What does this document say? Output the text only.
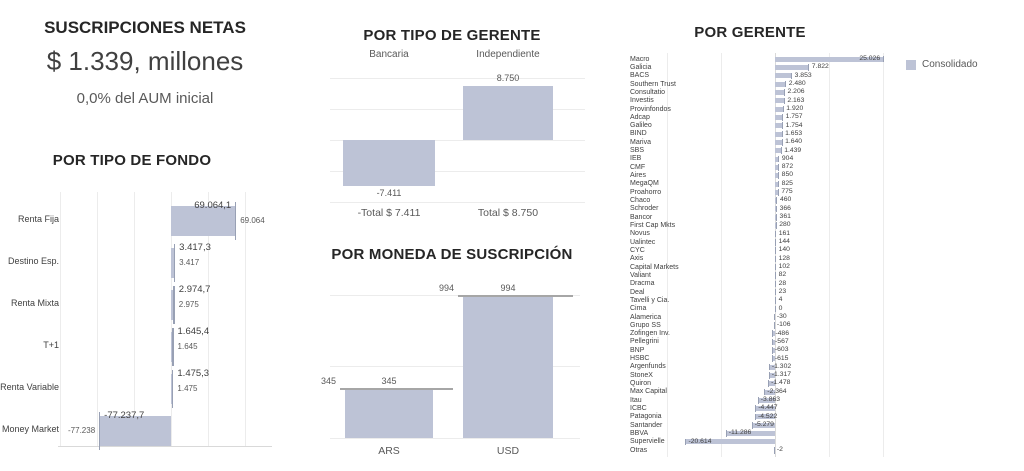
SUSCRIPCIONES NETAS
$ 1.339, millones
0,0% del AUM inicial
POR TIPO DE FONDO
POR TIPO DE GERENTE
POR MONEDA DE SUSCRIPCIÓN
POR GERENTE
Renta Fija
69.064,1
69.064
Destino Esp.
3.417,3
3.417
Renta Mixta
2.974,7
2.975
T+1
1.645,4
1.645
Renta Variable
1.475,3
1.475
Money Market
-77.237,7
-77.238
Bancaria
-7.411
-Total $ 7.411
Independiente
8.750
Total $ 8.750
345	345
ARS
994	994
USD
Macro	25.026
Galicia	7.822
BACS	3.853
Southern Trust	2.480
Consultatio	2.206
Investis	2.163
Provinfondos	1.920
Adcap	1.757
Galileo	1.754
BIND	1.653
Mariva	1.640
SBS	1.439
IEB	904
CMF	872
Aires	850
MegaQM	825
Proahorro	775
Chaco	460
Schroder	366
Bancor	361
First Cap Mkts	280
Novus	161
Ualintec	144
CYC	140
Axis	128
Capital Markets	102
Valiant	82
Dracma	28
Deal	23
Tavelli y Cia.	4
Cima	0
Alamerica	-30
Grupo SS	-106
Zofingen Inv.	-486
Pellegrini	-567
BNP	-603
HSBC	-615
Argenfunds	-1.302
StoneX	-1.317
Quiron	-1.478
Max Capital	-2.364
Itau	-3.863
ICBC	-4.447
Patagonia	-4.522
Santander	-5.279
BBVA	-11.286
Supervielle	-20.614
Otras	-2
Consolidado
